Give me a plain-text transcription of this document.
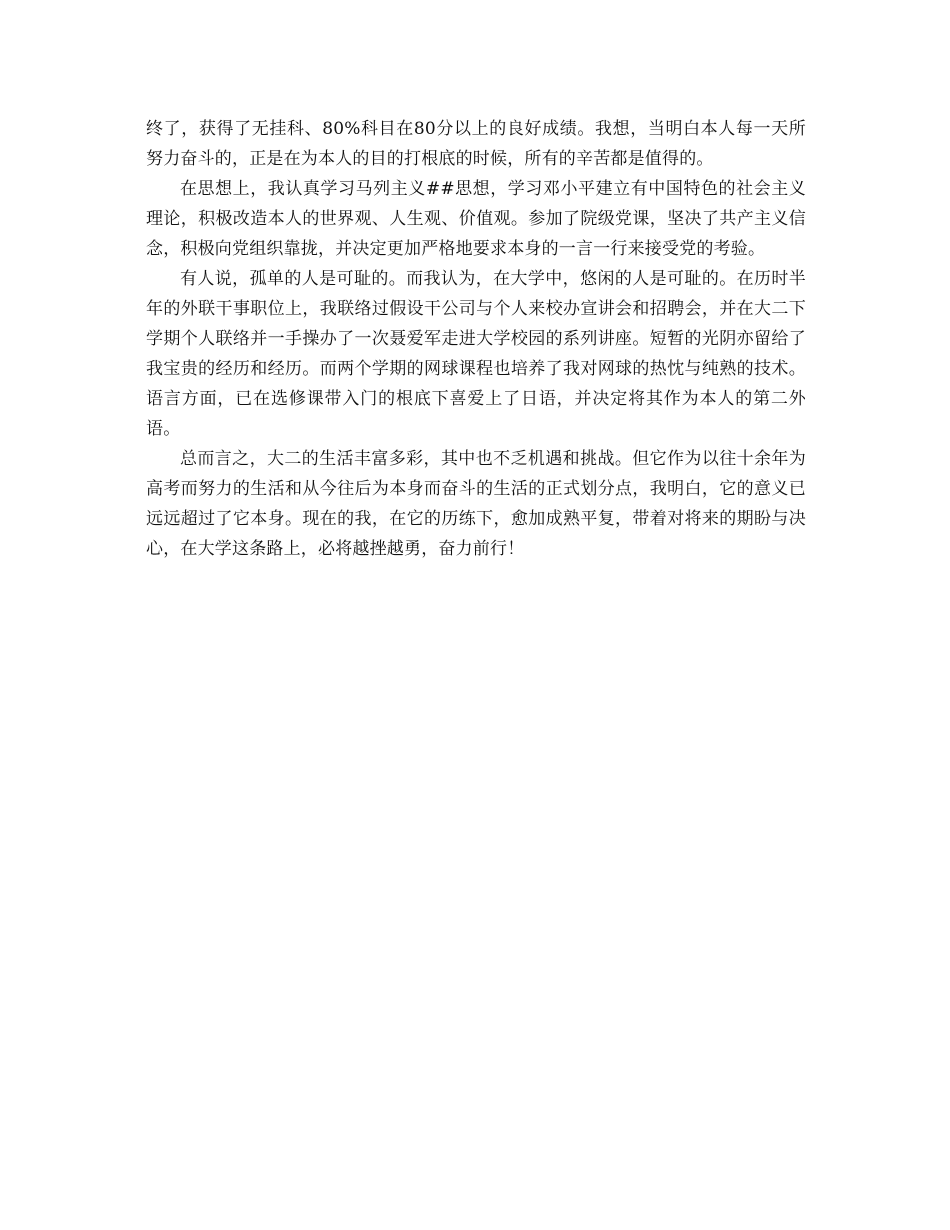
终了，获得了无挂科、80%科目在80分以上的良好成绩。我想，当明白本人每一天所努力奋斗的，正是在为本人的目的打根底的时候，所有的辛苦都是值得的。

在思想上，我认真学习马列主义##思想，学习邓小平建立有中国特色的社会主义理论，积极改造本人的世界观、人生观、价值观。参加了院级党课，坚决了共产主义信念，积极向党组织靠拢，并决定更加严格地要求本身的一言一行来接受党的考验。

有人说，孤单的人是可耻的。而我认为，在大学中，悠闲的人是可耻的。在历时半年的外联干事职位上，我联络过假设干公司与个人来校办宣讲会和招聘会，并在大二下学期个人联络并一手操办了一次聂爱军走进大学校园的系列讲座。短暂的光阴亦留给了我宝贵的经历和经历。而两个学期的网球课程也培养了我对网球的热忱与纯熟的技术。语言方面，已在选修课带入门的根底下喜爱上了日语，并决定将其作为本人的第二外语。

总而言之，大二的生活丰富多彩，其中也不乏机遇和挑战。但它作为以往十余年为高考而努力的生活和从今往后为本身而奋斗的生活的正式划分点，我明白，它的意义已远远超过了它本身。现在的我，在它的历练下，愈加成熟平复，带着对将来的期盼与决心，在大学这条路上，必将越挫越勇，奋力前行！
